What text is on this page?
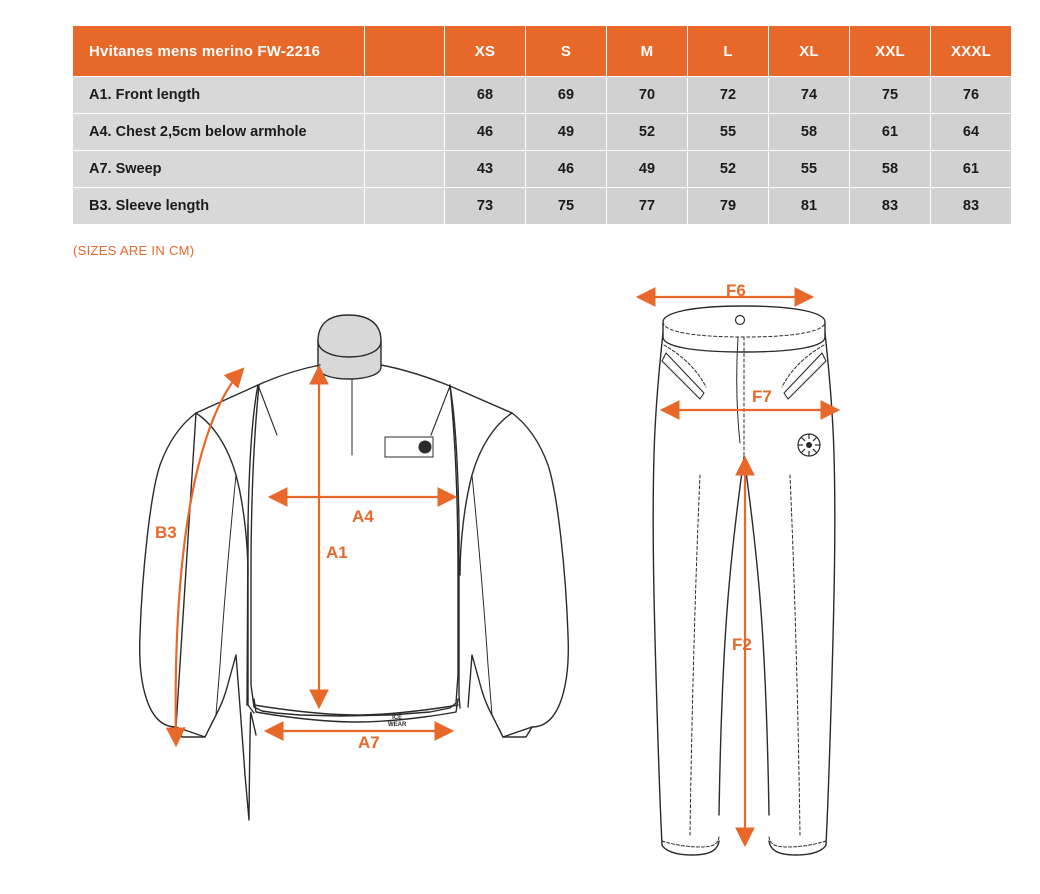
Hvitanes mens merino FW-2216		XS	S	M	L	XL	XXL	XXXL
A1. Front length		68	69	70	72	74	75	76
A4. Chest 2,5cm below armhole		46	49	52	55	58	61	64
A7. Sweep		43	46	49	52	55	58	61
B3. Sleeve length		73	75	77	79	81	83	83
(SIZES ARE IN CM)
B3
A4
A1
A7
F6
F7
F2
ICE
WEAR
